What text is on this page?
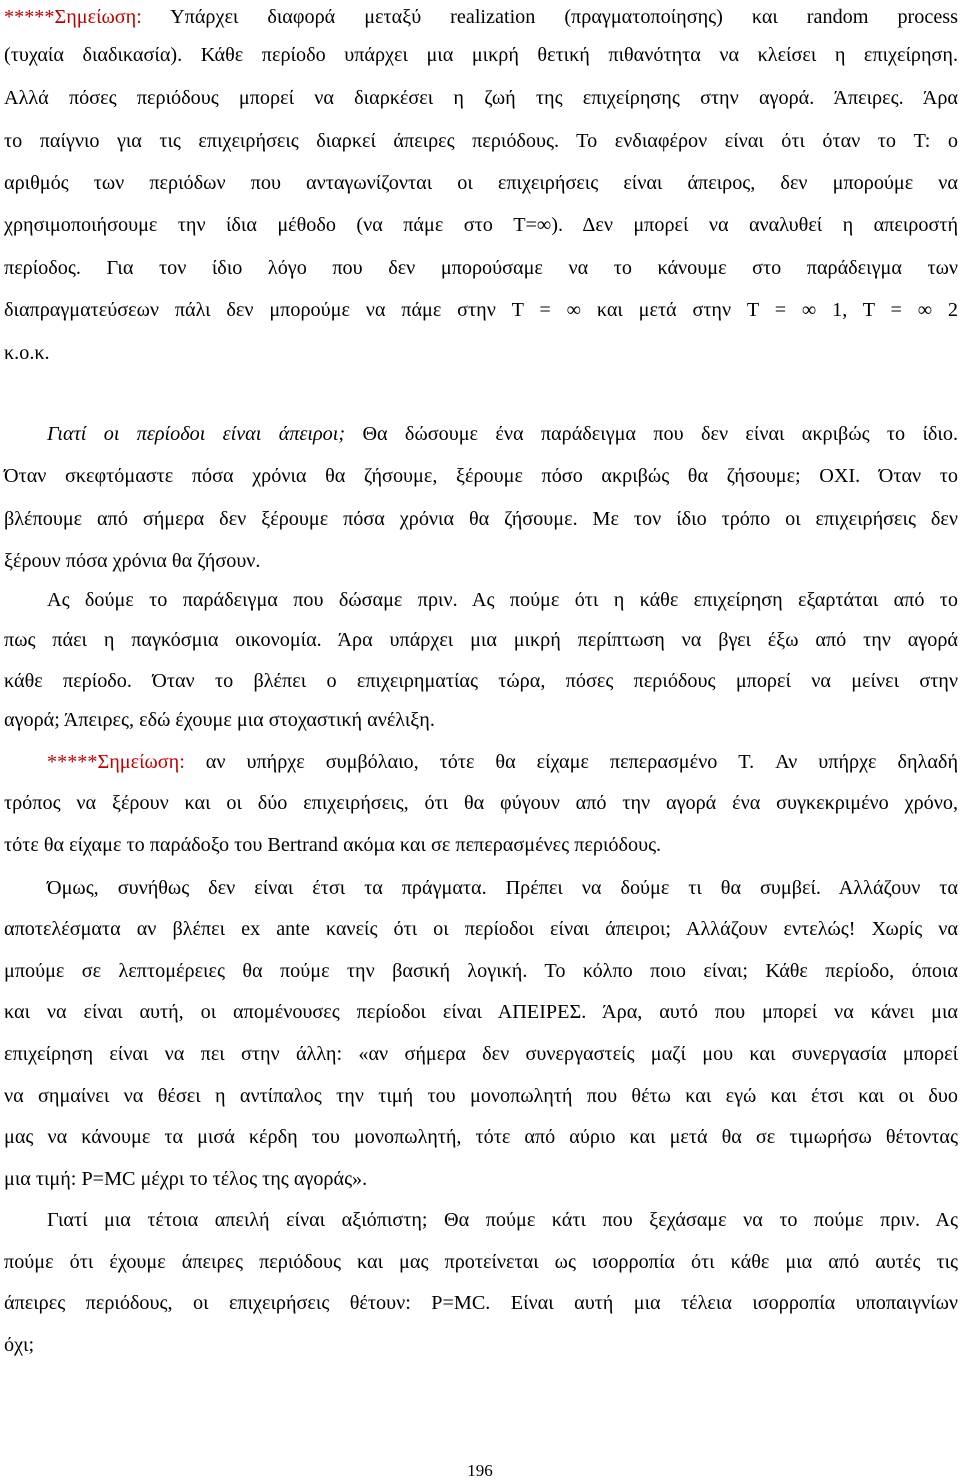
*****Σημείωση: Υπάρχει διαφορά μεταξύ realization (πραγματοποίησης) και random process
(τυχαία διαδικασία). Κάθε περίοδο υπάρχει μια μικρή θετική πιθανότητα να κλείσει η επιχείρηση.
Αλλά πόσες περιόδους μπορεί να διαρκέσει η ζωή της επιχείρησης στην αγορά. Άπειρες. Άρα
το παίγνιο για τις επιχειρήσεις διαρκεί άπειρες περιόδους. Το ενδιαφέρον είναι ότι όταν το T: ο
αριθμός των περιόδων που ανταγωνίζονται οι επιχειρήσεις είναι άπειρος, δεν μπορούμε να
χρησιμοποιήσουμε την ίδια μέθοδο (να πάμε στο T=∞). Δεν μπορεί να αναλυθεί η απειροστή
περίοδος. Για τον ίδιο λόγο που δεν μπορούσαμε να το κάνουμε στο παράδειγμα των
διαπραγματεύσεων πάλι δεν μπορούμε να πάμε στην T = ∞ και μετά στην T = ∞ 1, T = ∞ 2
κ.ο.κ.
Γιατί οι περίοδοι είναι άπειροι; Θα δώσουμε ένα παράδειγμα που δεν είναι ακριβώς το ίδιο.
Όταν σκεφτόμαστε πόσα χρόνια θα ζήσουμε, ξέρουμε πόσο ακριβώς θα ζήσουμε; ΟΧΙ. Όταν το
βλέπουμε από σήμερα δεν ξέρουμε πόσα χρόνια θα ζήσουμε. Με τον ίδιο τρόπο οι επιχειρήσεις δεν
ξέρουν πόσα χρόνια θα ζήσουν.
Ας δούμε το παράδειγμα που δώσαμε πριν. Ας πούμε ότι η κάθε επιχείρηση εξαρτάται από το
πως πάει η παγκόσμια οικονομία. Άρα υπάρχει μια μικρή περίπτωση να βγει έξω από την αγορά
κάθε περίοδο. Όταν το βλέπει ο επιχειρηματίας τώρα, πόσες περιόδους μπορεί να μείνει στην
αγορά; Άπειρες, εδώ έχουμε μια στοχαστική ανέλιξη.
*****Σημείωση: αν υπήρχε συμβόλαιο, τότε θα είχαμε πεπερασμένο T. Αν υπήρχε δηλαδή
τρόπος να ξέρουν και οι δύο επιχειρήσεις, ότι θα φύγουν από την αγορά ένα συγκεκριμένο χρόνο,
τότε θα είχαμε το παράδοξο του Bertrand ακόμα και σε πεπερασμένες περιόδους.
Όμως, συνήθως δεν είναι έτσι τα πράγματα. Πρέπει να δούμε τι θα συμβεί. Αλλάζουν τα
αποτελέσματα αν βλέπει ex ante κανείς ότι οι περίοδοι είναι άπειροι; Αλλάζουν εντελώς! Χωρίς να
μπούμε σε λεπτομέρειες θα πούμε την βασική λογική. Το κόλπο ποιο είναι; Κάθε περίοδο, όποια
και να είναι αυτή, οι απομένουσες περίοδοι είναι ΑΠΕΙΡΕΣ. Άρα, αυτό που μπορεί να κάνει μια
επιχείρηση είναι να πει στην άλλη: «αν σήμερα δεν συνεργαστείς μαζί μου και συνεργασία μπορεί
να σημαίνει να θέσει η αντίπαλος την τιμή του μονοπωλητή που θέτω και εγώ και έτσι και οι δυο
μας να κάνουμε τα μισά κέρδη του μονοπωλητή, τότε από αύριο και μετά θα σε τιμωρήσω θέτοντας
μια τιμή: P=MC μέχρι το τέλος της αγοράς».
Γιατί μια τέτοια απειλή είναι αξιόπιστη; Θα πούμε κάτι που ξεχάσαμε να το πούμε πριν. Ας
πούμε ότι έχουμε άπειρες περιόδους και μας προτείνεται ως ισορροπία ότι κάθε μια από αυτές τις
άπειρες περιόδους, οι επιχειρήσεις θέτουν: P=MC. Είναι αυτή μια τέλεια ισορροπία υποπαιγνίων
όχι;
196
